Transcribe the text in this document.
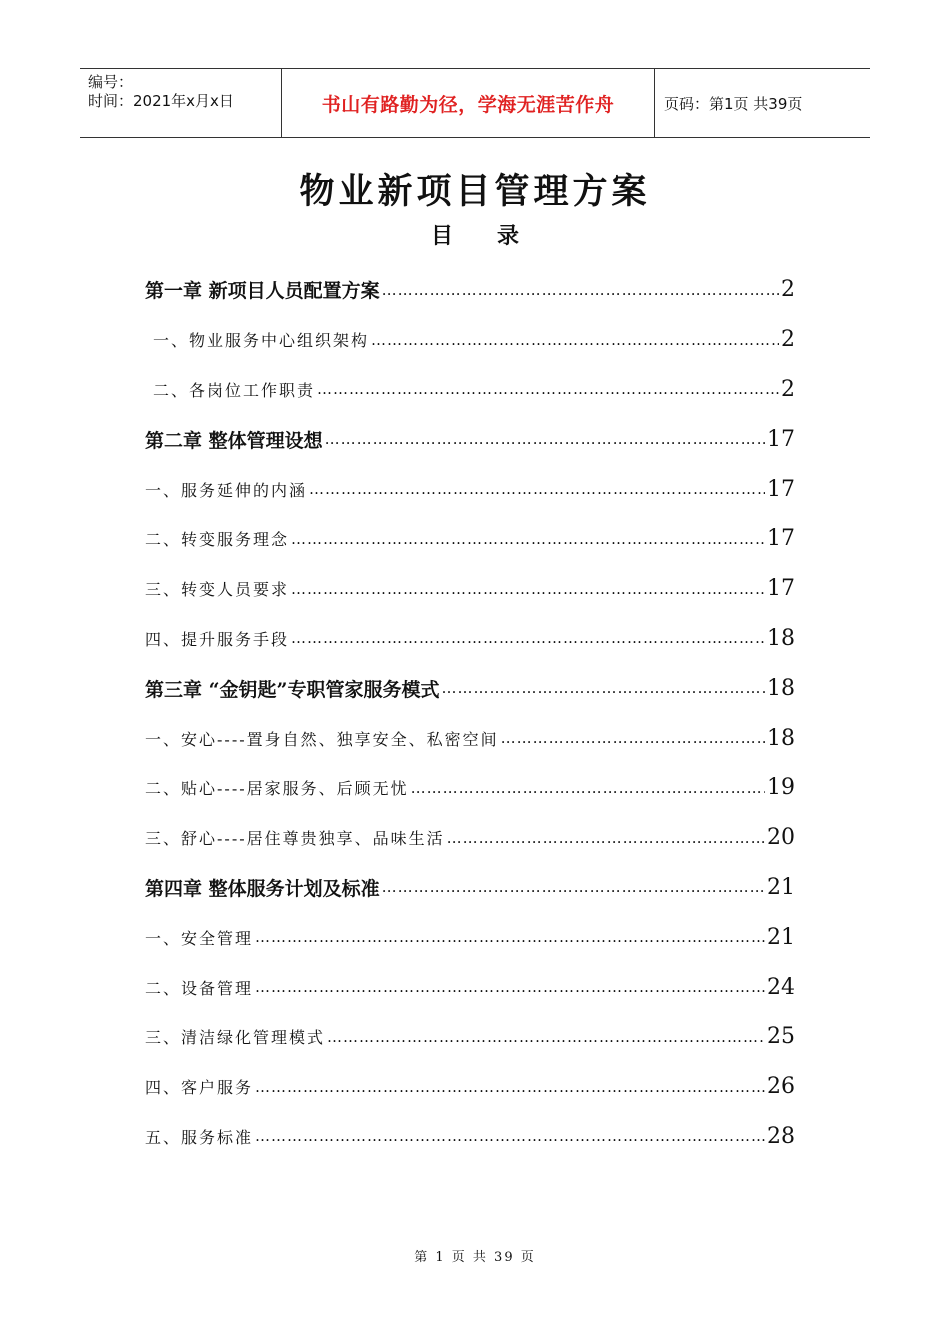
编号：
时间：2021年x月x日	书山有路勤为径，学海无涯苦作舟	页码：第1页 共39页
物业新项目管理方案
目录
第一章 新项目人员配置方案 ……………………………………………………………………………………………………	2
一、物业服务中心组织架构 ……………………………………………………………………………………………………	2
二、各岗位工作职责 ……………………………………………………………………………………………………	2
第二章 整体管理设想 ……………………………………………………………………………………………………	17
一、服务延伸的内涵 ……………………………………………………………………………………………………	17
二、转变服务理念 ……………………………………………………………………………………………………	17
三、转变人员要求 ……………………………………………………………………………………………………	17
四、提升服务手段 ……………………………………………………………………………………………………	18
第三章 “金钥匙”专职管家服务模式 ……………………………………………………………………………………………………	18
一、安心----置身自然、独享安全、私密空间 ……………………………………………………………………………………………………	18
二、贴心----居家服务、后顾无忧 ……………………………………………………………………………………………………	19
三、舒心----居住尊贵独享、品味生活 ……………………………………………………………………………………………………	20
第四章 整体服务计划及标准 ……………………………………………………………………………………………………	21
一、安全管理 ……………………………………………………………………………………………………	21
二、设备管理 ……………………………………………………………………………………………………	24
三、清洁绿化管理模式 ……………………………………………………………………………………………………	25
四、客户服务 ……………………………………………………………………………………………………	26
五、服务标准 ……………………………………………………………………………………………………	28
第 1 页 共 39 页
